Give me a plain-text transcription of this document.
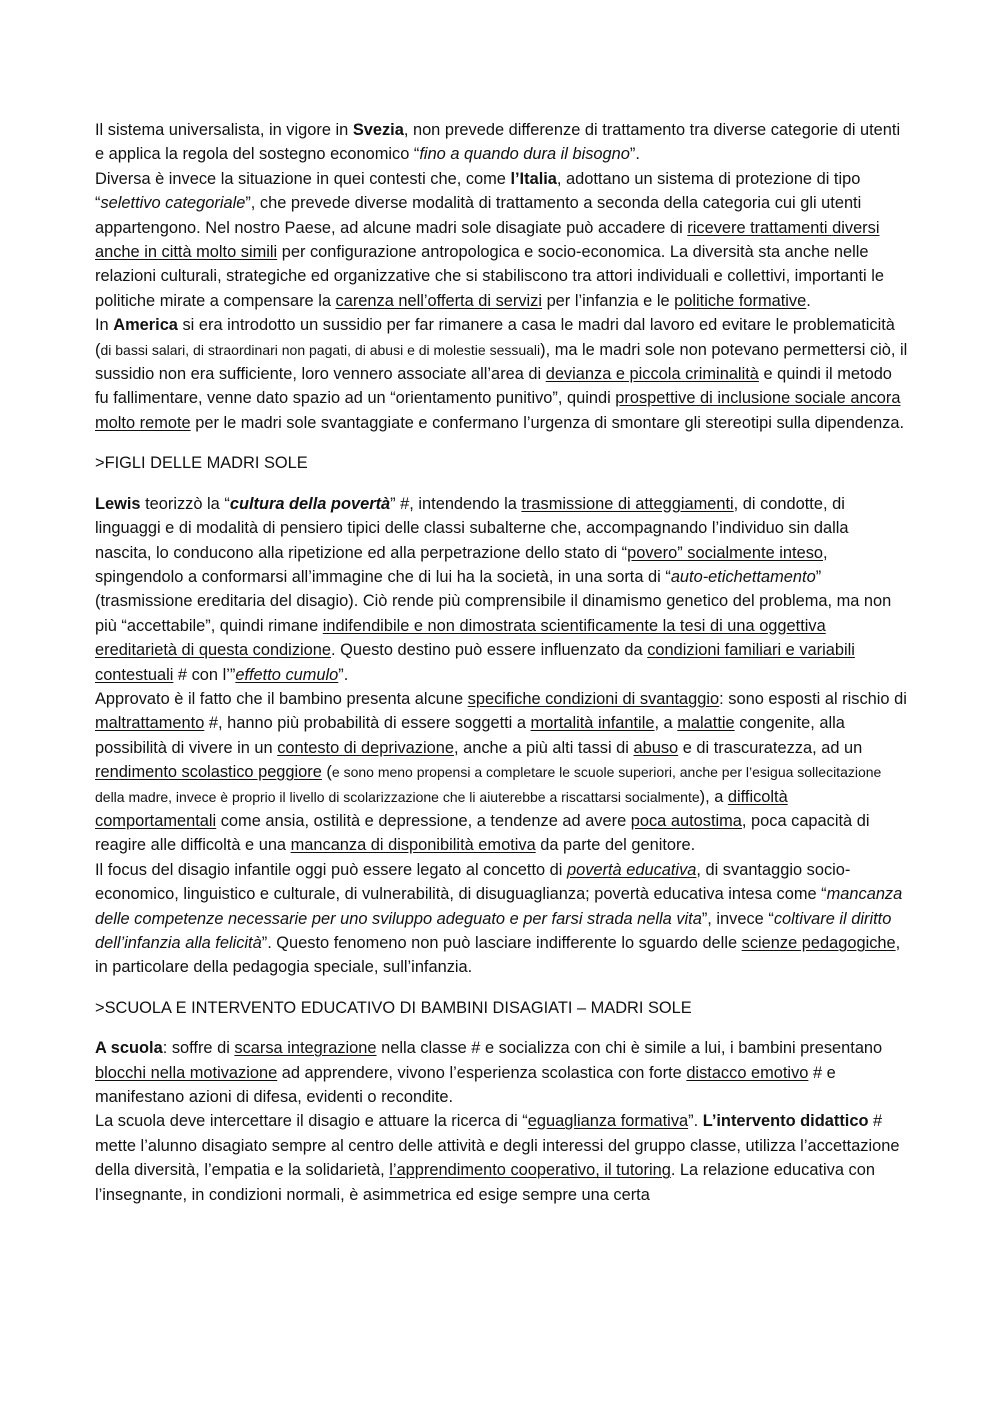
Il sistema universalista, in vigore in Svezia, non prevede differenze di trattamento tra diverse categorie di utenti e applica la regola del sostegno economico “fino a quando dura il bisogno”.

Diversa è invece la situazione in quei contesti che, come l’Italia, adottano un sistema di protezione di tipo “selettivo categoriale”, che prevede diverse modalità di trattamento a seconda della categoria cui gli utenti appartengono. Nel nostro Paese, ad alcune madri sole disagiate può accadere di ricevere trattamenti diversi anche in città molto simili per configurazione antropologica e socio-economica. La diversità sta anche nelle relazioni culturali, strategiche ed organizzative che si stabiliscono tra attori individuali e collettivi, importanti le politiche mirate a compensare la carenza nell’offerta di servizi per l’infanzia e le politiche formative.

In America si era introdotto un sussidio per far rimanere a casa le madri dal lavoro ed evitare le problematicità (di bassi salari, di straordinari non pagati, di abusi e di molestie sessuali), ma le madri sole non potevano permettersi ciò, il sussidio non era sufficiente, loro vennero associate all’area di devianza e piccola criminalità e quindi il metodo fu fallimentare, venne dato spazio ad un “orientamento punitivo”, quindi prospettive di inclusione sociale ancora molto remote per le madri sole svantaggiate e confermano l’urgenza di smontare gli stereotipi sulla dipendenza.

>FIGLI DELLE MADRI SOLE

Lewis teorizzò la “cultura della povertà” #, intendendo la trasmissione di atteggiamenti, di condotte, di linguaggi e di modalità di pensiero tipici delle classi subalterne che, accompagnando l’individuo sin dalla nascita, lo conducono alla ripetizione ed alla perpetrazione dello stato di “povero” socialmente inteso, spingendolo a conformarsi all’immagine che di lui ha la società, in una sorta di “auto-etichettamento” (trasmissione ereditaria del disagio). Ciò rende più comprensibile il dinamismo genetico del problema, ma non più “accettabile”, quindi rimane indifendibile e non dimostrata scientificamente la tesi di una oggettiva ereditarietà di questa condizione. Questo destino può essere influenzato da condizioni familiari e variabili contestuali # con l’”effetto cumulo”.

Approvato è il fatto che il bambino presenta alcune specifiche condizioni di svantaggio: sono esposti al rischio di maltrattamento #, hanno più probabilità di essere soggetti a mortalità infantile, a malattie congenite, alla possibilità di vivere in un contesto di deprivazione, anche a più alti tassi di abuso e di trascuratezza, ad un rendimento scolastico peggiore (e sono meno propensi a completare le scuole superiori, anche per l’esigua sollecitazione della madre, invece è proprio il livello di scolarizzazione che li aiuterebbe a riscattarsi socialmente), a difficoltà comportamentali come ansia, ostilità e depressione, a tendenze ad avere poca autostima, poca capacità di reagire alle difficoltà e una mancanza di disponibilità emotiva da parte del genitore.

Il focus del disagio infantile oggi può essere legato al concetto di povertà educativa, di svantaggio socio-economico, linguistico e culturale, di vulnerabilità, di disuguaglianza; povertà educativa intesa come “mancanza delle competenze necessarie per uno sviluppo adeguato e per farsi strada nella vita”, invece “coltivare il diritto dell’infanzia alla felicità”. Questo fenomeno non può lasciare indifferente lo sguardo delle scienze pedagogiche, in particolare della pedagogia speciale, sull’infanzia.

>SCUOLA E INTERVENTO EDUCATIVO DI BAMBINI DISAGIATI – MADRI SOLE

A scuola: soffre di scarsa integrazione nella classe # e socializza con chi è simile a lui, i bambini presentano blocchi nella motivazione ad apprendere, vivono l’esperienza scolastica con forte distacco emotivo # e manifestano azioni di difesa, evidenti o recondite.

La scuola deve intercettare il disagio e attuare la ricerca di “eguaglianza formativa”. L’intervento didattico # mette l’alunno disagiato sempre al centro delle attività e degli interessi del gruppo classe, utilizza l’accettazione della diversità, l’empatia e la solidarietà, l’apprendimento cooperativo, il tutoring. La relazione educativa con l’insegnante, in condizioni normali, è asimmetrica ed esige sempre una certa
